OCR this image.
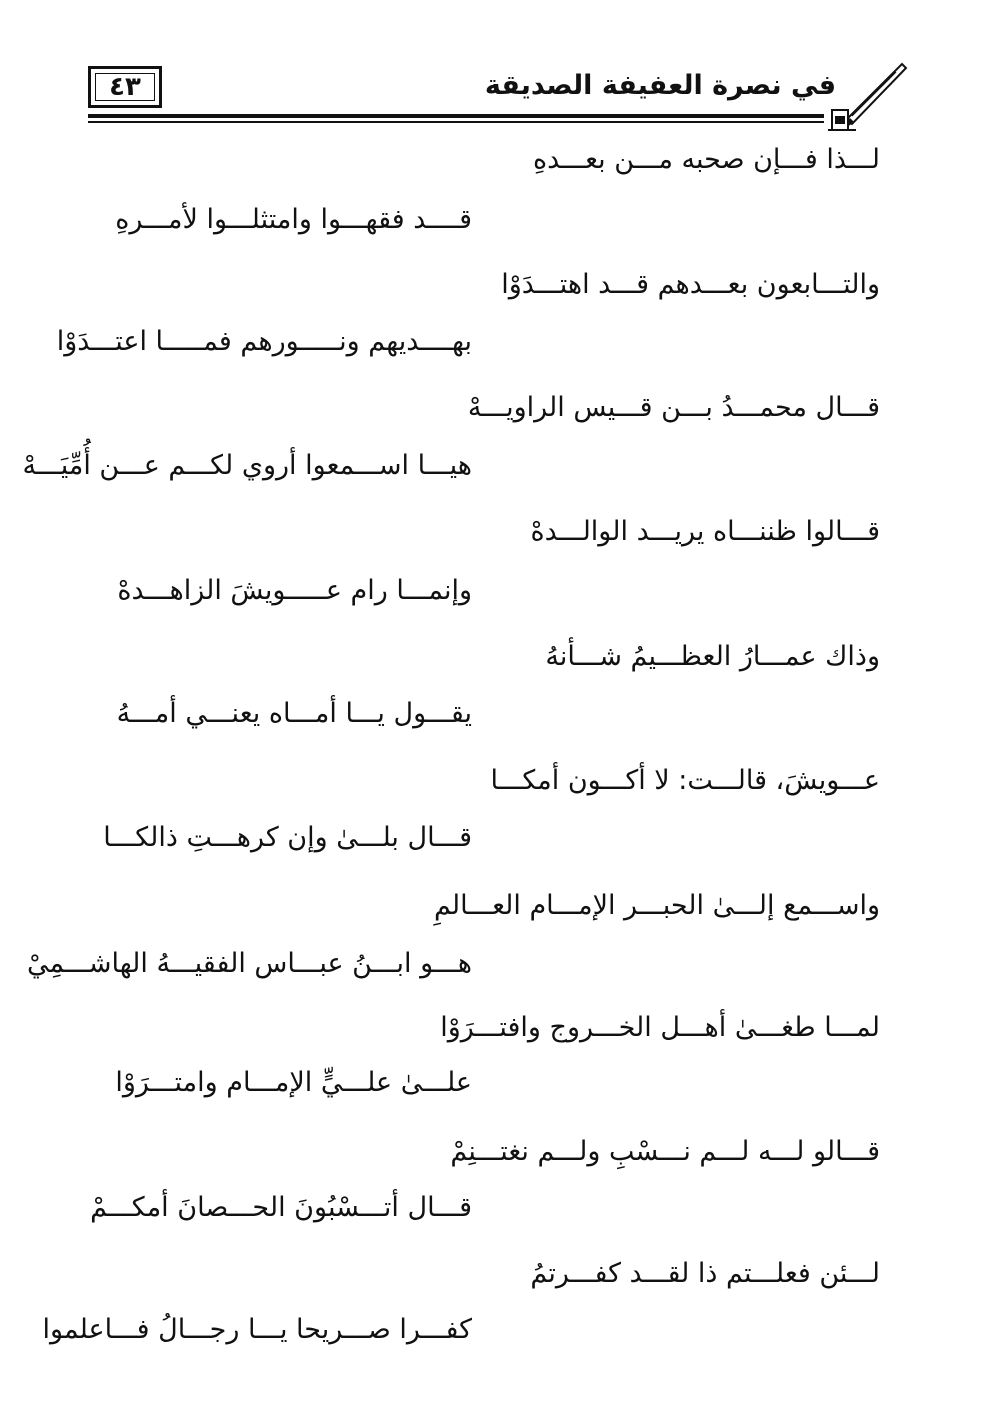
٤٣	في نصرة العفيفة الصديقة
لـــذا فـــإن صحبه مـــن بعـــدهِ
قــــد فقهـــوا وامتثلـــوا لأمـــرهِ
والتـــابعون بعـــدهم قـــد اهتـــدَوْا
بهــــديهم ونـــــورهم فمـــــا اعتـــدَوْا
قـــال محمـــدُ بـــن قـــيس الراويـــهْ
هيـــا اســـمعوا أروي لكـــم عـــن أُمِّيَـــهْ
قـــالوا ظننـــاه يريـــد الوالـــدهْ
وإنمـــا رام عـــــويشَ الزاهـــدهْ
وذاك عمـــارُ العظـــيمُ شـــأنهُ
يقـــول يـــا أمـــاه يعنـــي أمـــهُ
عـــويشَ، قالـــت: لا أكـــون أمكـــا
قـــال بلـــىٰ وإن كرهـــتِ ذالكـــا
واســـمع إلـــىٰ الحبـــر الإمـــام العـــالمِ
هـــو ابـــنُ عبـــاس الفقيـــهُ الهاشـــمِيْ
لمـــا طغـــىٰ أهـــل الخـــروج وافتـــرَوْا
علـــىٰ علـــيٍّ الإمـــام وامتـــرَوْا
قـــالو لـــه لـــم نـــسْبِ ولـــم نغتـــنِمْ
قـــال أتـــسْبُونَ الحـــصانَ أمكـــمْ
لـــئن فعلـــتم ذا لقـــد كفـــرتمُ
كفـــرا صـــريحا يـــا رجـــالُ فـــاعلموا
